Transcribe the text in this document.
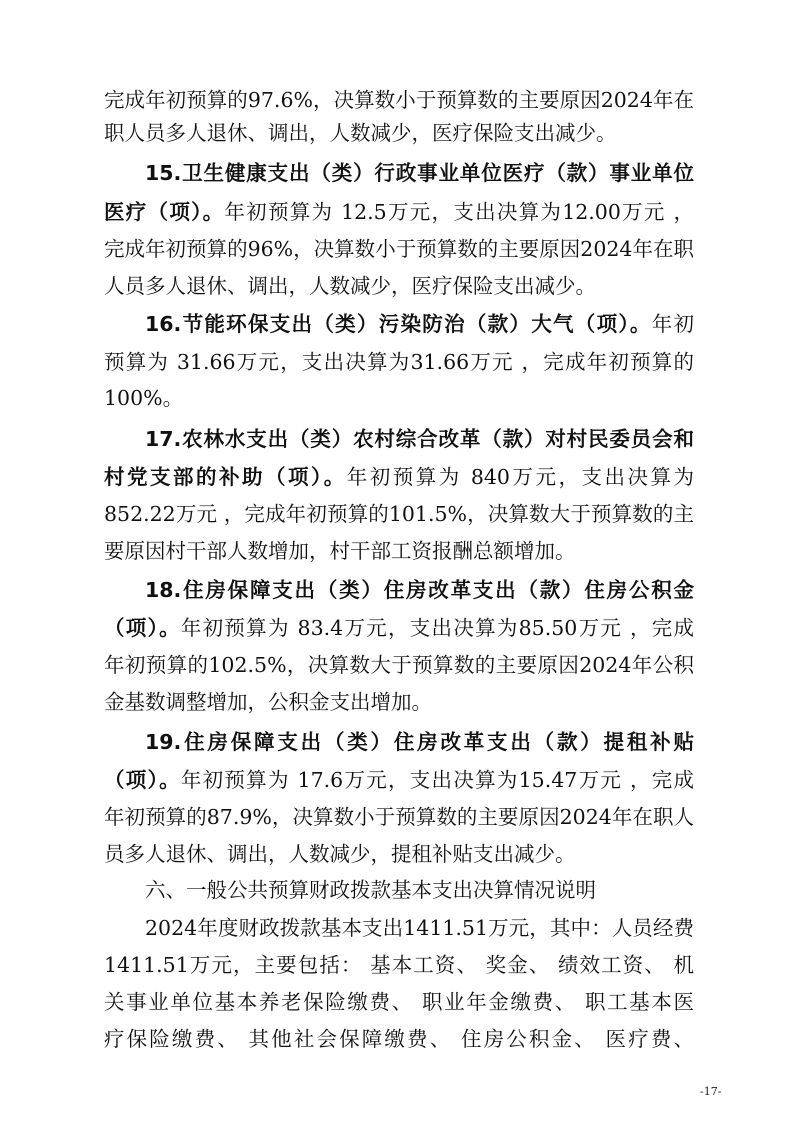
完成年初预算的97.6%，决算数小于预算数的主要原因2024年在
职人员多人退休、调出，人数减少，医疗保险支出减少。
15.卫生健康支出（类）行政事业单位医疗（款）事业单位
医疗（项）。年初预算为 12.5万元，支出决算为12.00万元 ，
完成年初预算的96%，决算数小于预算数的主要原因2024年在职
人员多人退休、调出，人数减少，医疗保险支出减少。
16.节能环保支出（类）污染防治（款）大气（项）。年初
预算为 31.66万元，支出决算为31.66万元 ，完成年初预算的
100%。
17.农林水支出（类）农村综合改革（款）对村民委员会和
村党支部的补助（项）。年初预算为 840万元，支出决算为
852.22万元 ，完成年初预算的101.5%，决算数大于预算数的主
要原因村干部人数增加，村干部工资报酬总额增加。
18.住房保障支出（类）住房改革支出（款）住房公积金
（项）。年初预算为 83.4万元，支出决算为85.50万元 ，完成
年初预算的102.5%，决算数大于预算数的主要原因2024年公积
金基数调整增加，公积金支出增加。
19.住房保障支出（类）住房改革支出（款）提租补贴
（项）。年初预算为 17.6万元，支出决算为15.47万元 ，完成
年初预算的87.9%，决算数小于预算数的主要原因2024年在职人
员多人退休、调出，人数减少，提租补贴支出减少。
六、一般公共预算财政拨款基本支出决算情况说明
2024年度财政拨款基本支出1411.51万元，其中：人员经费
1411.51万元，主要包括： 基本工资、 奖金、 绩效工资、 机
关事业单位基本养老保险缴费、 职业年金缴费、 职工基本医
疗保险缴费、 其他社会保障缴费、 住房公积金、 医疗费、
-17-
